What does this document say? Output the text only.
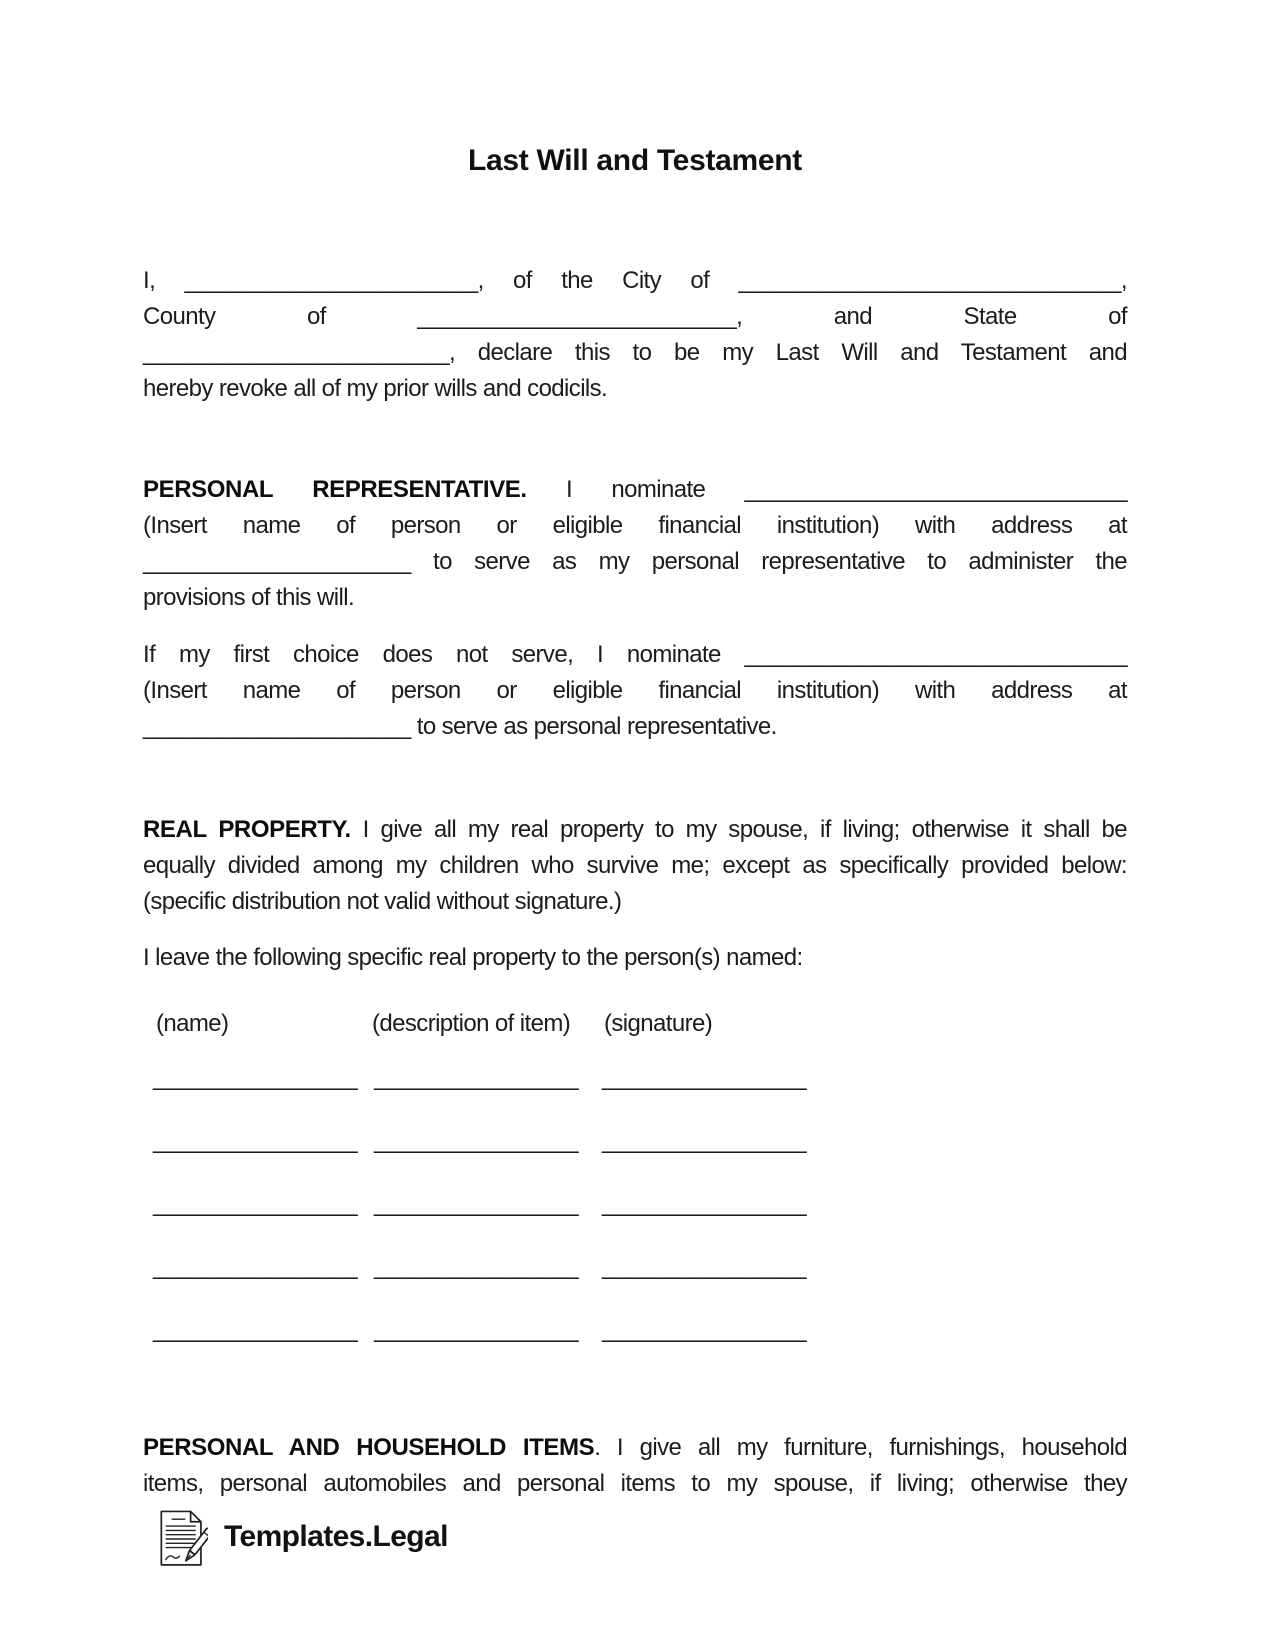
Last Will and Testament
I, _______________________, of the City of ______________________________,
County of _________________________, and State of
________________________, declare this to be my Last Will and Testament and
hereby revoke all of my prior wills and codicils.
PERSONAL REPRESENTATIVE. I nominate ______________________________
(Insert name of person or eligible financial institution) with address at
_____________________ to serve as my personal representative to administer the
provisions of this will.
If my first choice does not serve, I nominate ______________________________
(Insert name of person or eligible financial institution) with address at
_____________________ to serve as personal representative.
REAL PROPERTY. I give all my real property to my spouse, if living; otherwise it shall be
equally divided among my children who survive me; except as specifically provided below:
(specific distribution not valid without signature.)
I leave the following specific real property to the person(s) named:
(name)	(description of item) (signature)
________________ ________________ ________________
________________ ________________ ________________
________________ ________________ ________________
________________ ________________ ________________
________________ ________________ ________________
PERSONAL AND HOUSEHOLD ITEMS. I give all my furniture, furnishings, household
items, personal automobiles and personal items to my spouse, if living; otherwise they
Templates.Legal
